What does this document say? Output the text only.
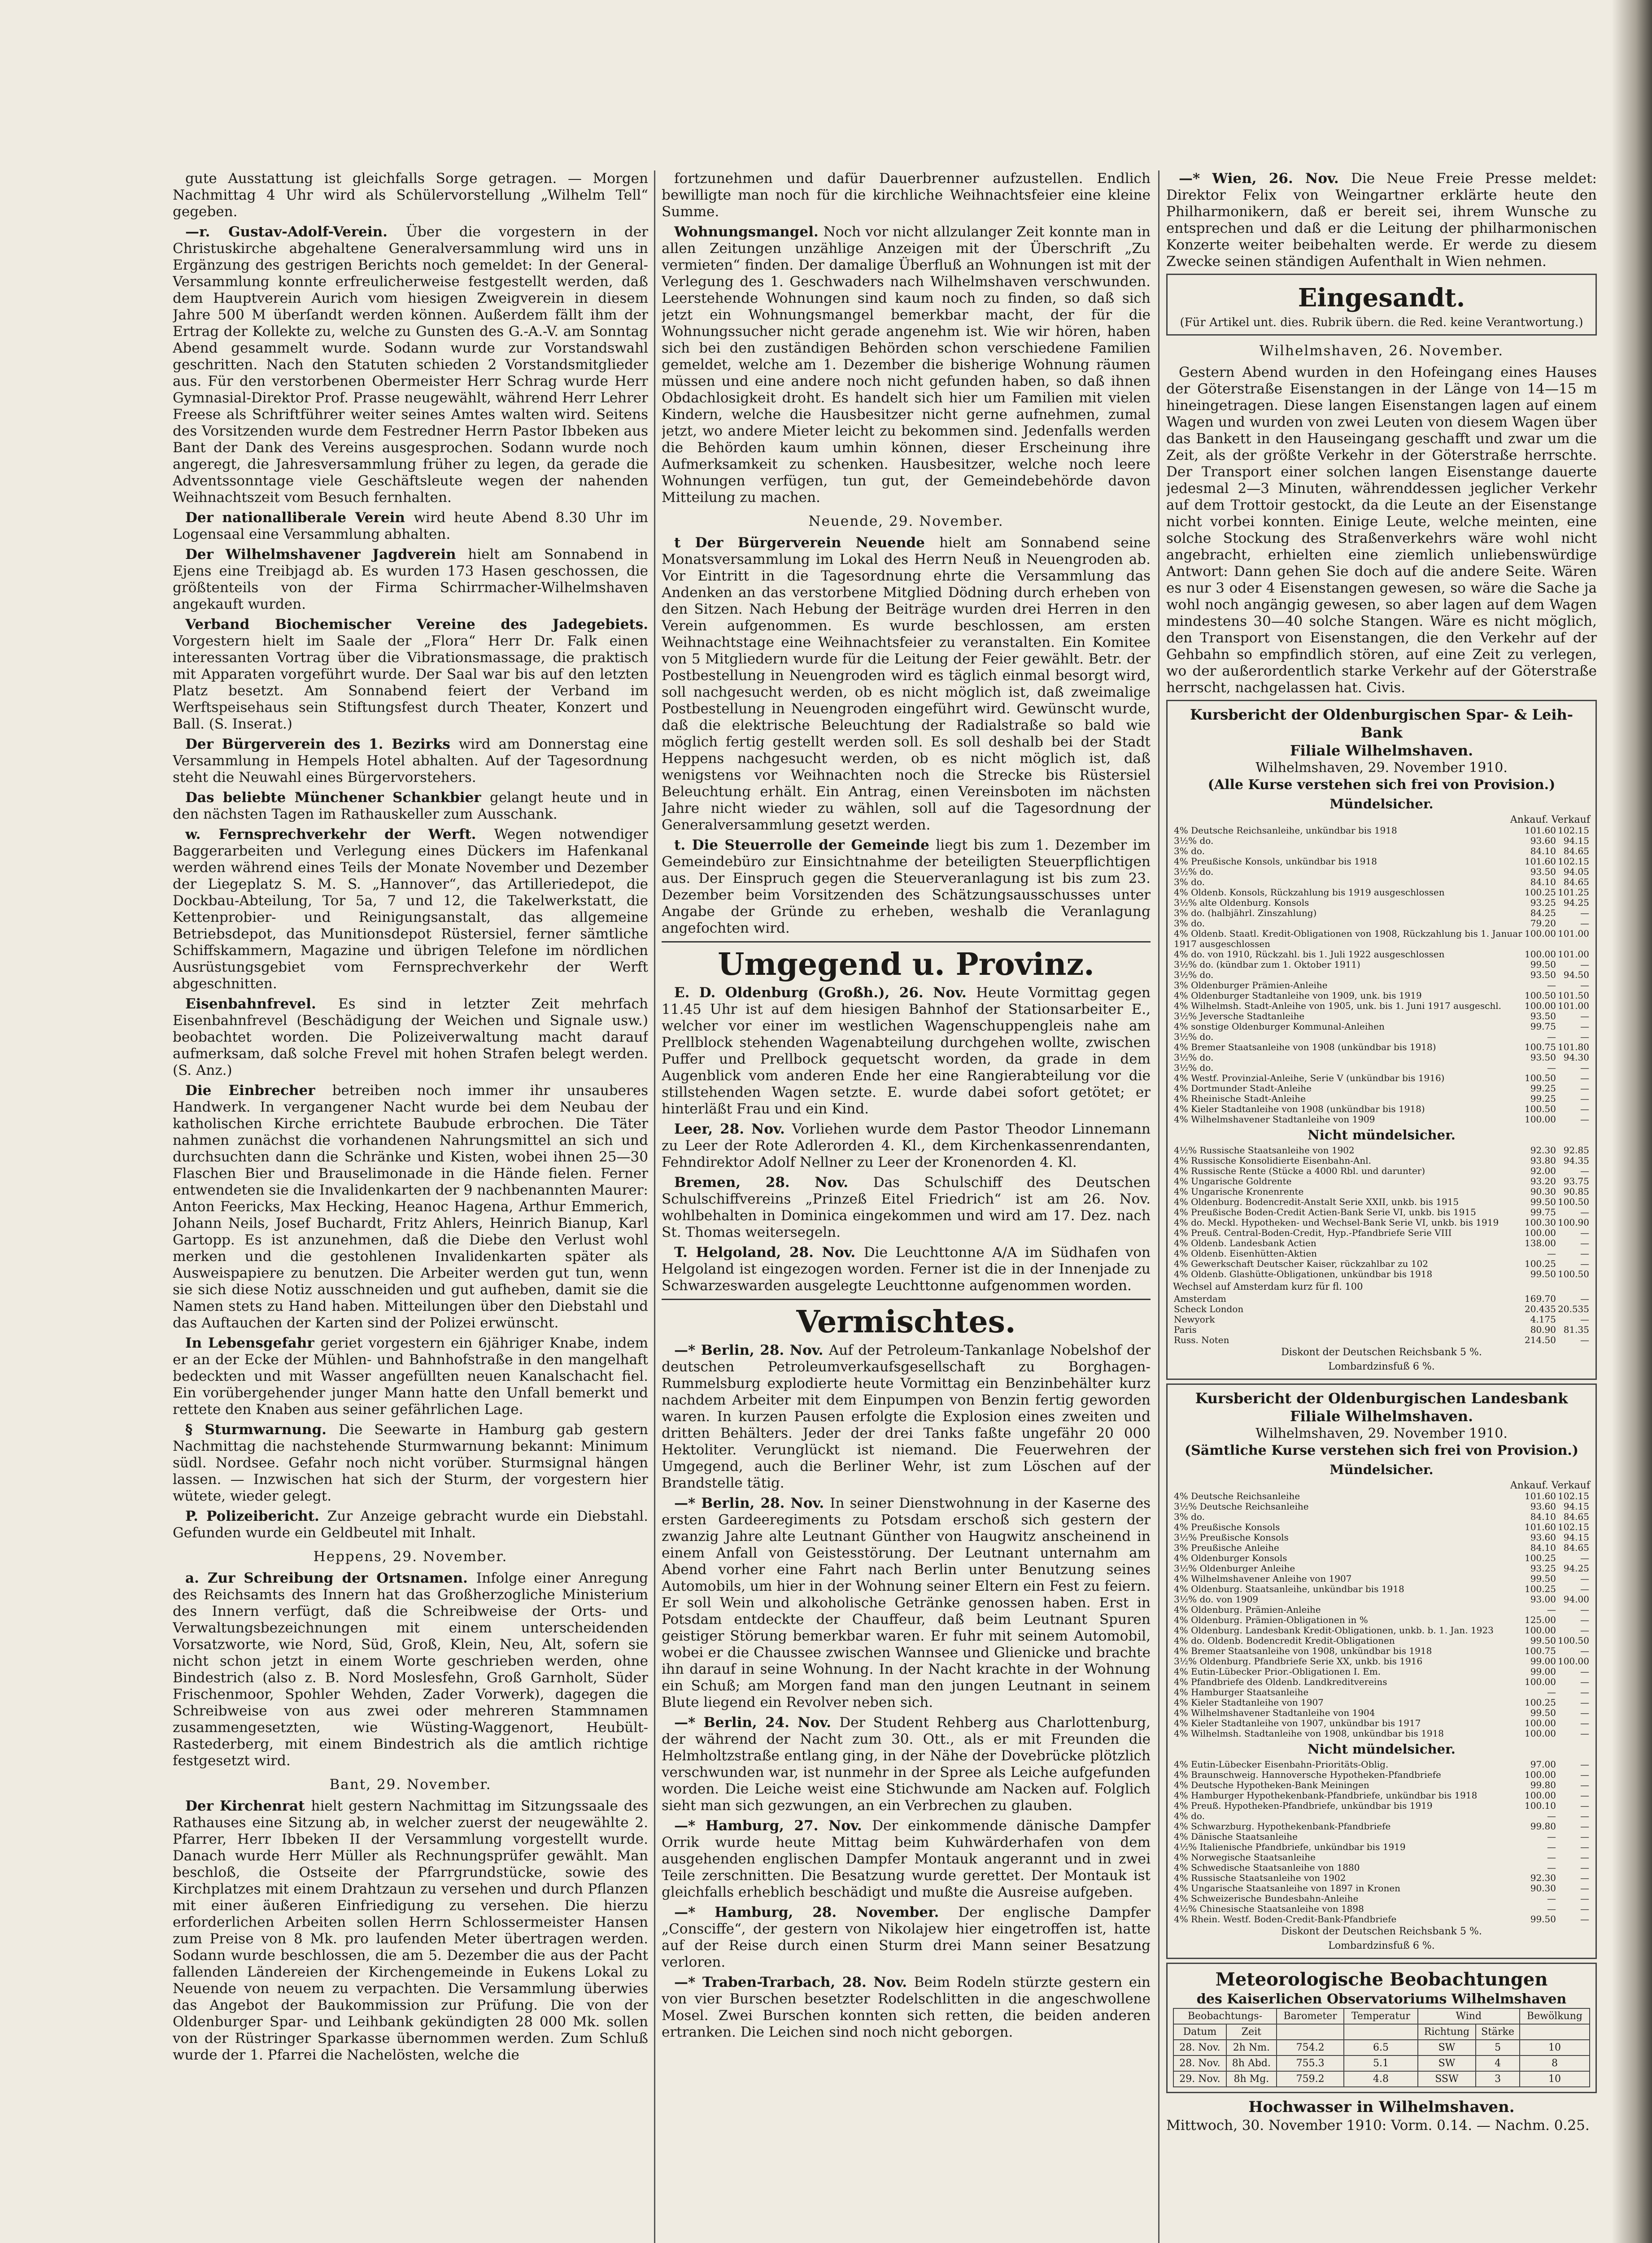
gute Ausstattung ist gleichfalls Sorge getragen. — Morgen Nachmittag 4 Uhr wird als Schülervorstellung „Wilhelm Tell“ gegeben.

—r. Gustav-Adolf-Verein. Über die vorgestern in der Christuskirche abgehaltene Generalversammlung wird uns in Ergänzung des gestrigen Berichts noch gemeldet: In der General-Versammlung konnte erfreulicherweise festgestellt werden, daß dem Hauptverein Aurich vom hiesigen Zweigverein in diesem Jahre 500 M überſandt werden können. Außerdem fällt ihm der Ertrag der Kollekte zu, welche zu Gunsten des G.-A.-V. am Sonntag Abend gesammelt wurde. Sodann wurde zur Vorstandswahl geschritten. Nach den Statuten schieden 2 Vorstandsmitglieder aus. Für den verstorbenen Obermeister Herr Schrag wurde Herr Gymnasial-Direktor Prof. Prasse neugewählt, während Herr Lehrer Freese als Schriftführer weiter seines Amtes walten wird. Seitens des Vorsitzenden wurde dem Festredner Herrn Pastor Ibbeken aus Bant der Dank des Vereins ausgesprochen. Sodann wurde noch angeregt, die Jahresversammlung früher zu legen, da gerade die Adventssonntage viele Geschäftsleute wegen der nahenden Weihnachtszeit vom Besuch fernhalten.

Der nationalliberale Verein wird heute Abend 8.30 Uhr im Logensaal eine Versammlung abhalten.

Der Wilhelmshavener Jagdverein hielt am Sonnabend in Ejens eine Treibjagd ab. Es wurden 173 Hasen geschossen, die größtenteils von der Firma Schirrmacher-Wilhelmshaven angekauft wurden.

Verband Biochemischer Vereine des Jadegebiets. Vorgestern hielt im Saale der „Flora“ Herr Dr. Falk einen interessanten Vortrag über die Vibrationsmassage, die praktisch mit Apparaten vorgeführt wurde. Der Saal war bis auf den letzten Platz besetzt. Am Sonnabend feiert der Verband im Werftspeisehaus sein Stiftungsfest durch Theater, Konzert und Ball. (S. Inserat.)

Der Bürgerverein des 1. Bezirks wird am Donnerstag eine Versammlung in Hempels Hotel abhalten. Auf der Tagesordnung steht die Neuwahl eines Bürgervorstehers.

Das beliebte Münchener Schankbier gelangt heute und in den nächsten Tagen im Rathauskeller zum Ausschank.

w. Fernsprechverkehr der Werft. Wegen notwendiger Baggerarbeiten und Verlegung eines Dückers im Hafenkanal werden während eines Teils der Monate November und Dezember der Liegeplatz S. M. S. „Hannover“, das Artilleriedepot, die Dockbau-Abteilung, Tor 5a, 7 und 12, die Takelwerkstatt, die Kettenprobier- und Reinigungsanstalt, das allgemeine Betriebsdepot, das Munitionsdepot Rüstersiel, ferner sämtliche Schiffskammern, Magazine und übrigen Telefone im nördlichen Ausrüstungsgebiet vom Fernsprechverkehr der Werft abgeschnitten.

Eisenbahnfrevel. Es sind in letzter Zeit mehrfach Eisenbahnfrevel (Beschädigung der Weichen und Signale usw.) beobachtet worden. Die Polizeiverwaltung macht darauf aufmerksam, daß solche Frevel mit hohen Strafen belegt werden. (S. Anz.)

Die Einbrecher betreiben noch immer ihr unsauberes Handwerk. In vergangener Nacht wurde bei dem Neubau der katholischen Kirche errichtete Baubude erbrochen. Die Täter nahmen zunächst die vorhandenen Nahrungsmittel an sich und durchsuchten dann die Schränke und Kisten, wobei ihnen 25—30 Flaschen Bier und Brauselimonade in die Hände fielen. Ferner entwendeten sie die Invalidenkarten der 9 nachbenannten Maurer: Anton Feericks, Max Hecking, Heanoc Hagena, Arthur Emmerich, Johann Neils, Josef Buchardt, Fritz Ahlers, Heinrich Bianup, Karl Gartopp. Es ist anzunehmen, daß die Diebe den Verlust wohl merken und die gestohlenen Invalidenkarten später als Ausweispapiere zu benutzen. Die Arbeiter werden gut tun, wenn sie sich diese Notiz ausschneiden und gut aufheben, damit sie die Namen stets zu Hand haben. Mitteilungen über den Diebstahl und das Auftauchen der Karten sind der Polizei erwünscht.

In Lebensgefahr geriet vorgestern ein 6jähriger Knabe, indem er an der Ecke der Mühlen- und Bahnhofstraße in den mangelhaft bedeckten und mit Wasser angefüllten neuen Kanalschacht fiel. Ein vorübergehender junger Mann hatte den Unfall bemerkt und rettete den Knaben aus seiner gefährlichen Lage.

§ Sturmwarnung. Die Seewarte in Hamburg gab gestern Nachmittag die nachstehende Sturmwarnung bekannt: Minimum südl. Nordsee. Gefahr noch nicht vorüber. Sturmsignal hängen lassen. — Inzwischen hat sich der Sturm, der vorgestern hier wütete, wieder gelegt.

P. Polizeibericht. Zur Anzeige gebracht wurde ein Diebstahl. Gefunden wurde ein Geldbeutel mit Inhalt.

Heppens, 29. November.

a. Zur Schreibung der Ortsnamen. Infolge einer Anregung des Reichsamts des Innern hat das Großherzogliche Ministerium des Innern verfügt, daß die Schreibweise der Orts- und Verwaltungsbezeichnungen mit einem unterscheidenden Vorsatzworte, wie Nord, Süd, Groß, Klein, Neu, Alt, sofern sie nicht schon jetzt in einem Worte geschrieben werden, ohne Bindestrich (also z. B. Nord Moslesfehn, Groß Garnholt, Süder Frischenmoor, Spohler Wehden, Zader Vorwerk), dagegen die Schreibweise von aus zwei oder mehreren Stammnamen zusammengesetzten, wie Wüsting-Waggenort, Heubült-Rastederberg, mit einem Bindestrich als die amtlich richtige festgesetzt wird.

Bant, 29. November.

Der Kirchenrat hielt gestern Nachmittag im Sitzungssaale des Rathauses eine Sitzung ab, in welcher zuerst der neugewählte 2. Pfarrer, Herr Ibbeken II der Versammlung vorgestellt wurde. Danach wurde Herr Müller als Rechnungsprüfer gewählt. Man beschloß, die Ostseite der Pfarrgrundstücke, sowie des Kirchplatzes mit einem Drahtzaun zu versehen und durch Pflanzen mit einer äußeren Einfriedigung zu versehen. Die hierzu erforderlichen Arbeiten sollen Herrn Schlossermeister Hansen zum Preise von 8 Mk. pro laufenden Meter übertragen werden. Sodann wurde beschlossen, die am 5. Dezember die aus der Pacht fallenden Ländereien der Kirchengemeinde in Eukens Lokal zu Neuende von neuem zu verpachten. Die Versammlung überwies das Angebot der Baukommission zur Prüfung. Die von der Oldenburger Spar- und Leihbank gekündigten 28 000 Mk. sollen von der Rüstringer Sparkasse übernommen werden. Zum Schluß wurde der 1. Pfarrei die Nachelösten, welche die

fortzunehmen und dafür Dauerbrenner aufzustellen. Endlich bewilligte man noch für die kirchliche Weihnachtsfeier eine kleine Summe.

Wohnungsmangel. Noch vor nicht allzulanger Zeit konnte man in allen Zeitungen unzählige Anzeigen mit der Überschrift „Zu vermieten“ finden. Der damalige Überfluß an Wohnungen ist mit der Verlegung des 1. Geschwaders nach Wilhelmshaven verschwunden. Leerstehende Wohnungen sind kaum noch zu finden, so daß sich jetzt ein Wohnungsmangel bemerkbar macht, der für die Wohnungssucher nicht gerade angenehm ist. Wie wir hören, haben sich bei den zuständigen Behörden schon verschiedene Familien gemeldet, welche am 1. Dezember die bisherige Wohnung räumen müssen und eine andere noch nicht gefunden haben, so daß ihnen Obdachlosigkeit droht. Es handelt sich hier um Familien mit vielen Kindern, welche die Hausbesitzer nicht gerne aufnehmen, zumal jetzt, wo andere Mieter leicht zu bekommen sind. Jedenfalls werden die Behörden kaum umhin können, dieser Erscheinung ihre Aufmerksamkeit zu schenken. Hausbesitzer, welche noch leere Wohnungen verfügen, tun gut, der Gemeindebehörde davon Mitteilung zu machen.

Neuende, 29. November.

t Der Bürgerverein Neuende hielt am Sonnabend seine Monatsversammlung im Lokal des Herrn Neuß in Neuengroden ab. Vor Eintritt in die Tagesordnung ehrte die Versammlung das Andenken an das verstorbene Mitglied Dödning durch erheben von den Sitzen. Nach Hebung der Beiträge wurden drei Herren in den Verein aufgenommen. Es wurde beschlossen, am ersten Weihnachtstage eine Weihnachtsfeier zu veranstalten. Ein Komitee von 5 Mitgliedern wurde für die Leitung der Feier gewählt. Betr. der Postbestellung in Neuengroden wird es täglich einmal besorgt wird, soll nachgesucht werden, ob es nicht möglich ist, daß zweimalige Postbestellung in Neuengroden eingeführt wird. Gewünscht wurde, daß die elektrische Beleuchtung der Radialstraße so bald wie möglich fertig gestellt werden soll. Es soll deshalb bei der Stadt Heppens nachgesucht werden, ob es nicht möglich ist, daß wenigstens vor Weihnachten noch die Strecke bis Rüstersiel Beleuchtung erhält. Ein Antrag, einen Vereinsboten im nächsten Jahre nicht wieder zu wählen, soll auf die Tagesordnung der Generalversammlung gesetzt werden.

t. Die Steuerrolle der Gemeinde liegt bis zum 1. Dezember im Gemeindebüro zur Einsichtnahme der beteiligten Steuerpflichtigen aus. Der Einspruch gegen die Steuerveranlagung ist bis zum 23. Dezember beim Vorsitzenden des Schätzungsausschusses unter Angabe der Gründe zu erheben, weshalb die Veranlagung angefochten wird.

Umgegend u. Provinz.

E. D. Oldenburg (Großh.), 26. Nov. Heute Vormittag gegen 11.45 Uhr ist auf dem hiesigen Bahnhof der Stationsarbeiter E., welcher vor einer im westlichen Wagenschuppengleis nahe am Prellblock stehenden Wagenabteilung durchgehen wollte, zwischen Puffer und Prellbock gequetscht worden, da grade in dem Augenblick vom anderen Ende her eine Rangierabteilung vor die stillstehenden Wagen setzte. E. wurde dabei sofort getötet; er hinterläßt Frau und ein Kind.

Leer, 28. Nov. Vorliehen wurde dem Pastor Theodor Linnemann zu Leer der Rote Adlerorden 4. Kl., dem Kirchenkassenrendanten, Fehndirektor Adolf Nellner zu Leer der Kronenorden 4. Kl.

Bremen, 28. Nov. Das Schulschiff des Deutschen Schulschiffvereins „Prinzeß Eitel Friedrich“ ist am 26. Nov. wohlbehalten in Dominica eingekommen und wird am 17. Dez. nach St. Thomas weitersegeln.

T. Helgoland, 28. Nov. Die Leuchttonne A/A im Südhafen von Helgoland ist eingezogen worden. Ferner ist die in der Innenjade zu Schwarzeswarden ausgelegte Leuchttonne aufgenommen worden.

Vermischtes.

—* Berlin, 28. Nov. Auf der Petroleum-Tankanlage Nobelshof der deutschen Petroleumverkaufsgesellschaft zu Borghagen-Rummelsburg explodierte heute Vormittag ein Benzinbehälter kurz nachdem Arbeiter mit dem Einpumpen von Benzin fertig geworden waren. In kurzen Pausen erfolgte die Explosion eines zweiten und dritten Behälters. Jeder der drei Tanks faßte ungefähr 20 000 Hektoliter. Verunglückt ist niemand. Die Feuerwehren der Umgegend, auch die Berliner Wehr, ist zum Löschen auf der Brandstelle tätig.

—* Berlin, 28. Nov. In seiner Dienstwohnung in der Kaserne des ersten Gardeeregiments zu Potsdam erschoß sich gestern der zwanzig Jahre alte Leutnant Günther von Haugwitz anscheinend in einem Anfall von Geistesstörung. Der Leutnant unternahm am Abend vorher eine Fahrt nach Berlin unter Benutzung seines Automobils, um hier in der Wohnung seiner Eltern ein Fest zu feiern. Er soll Wein und alkoholische Getränke genossen haben. Erst in Potsdam entdeckte der Chauffeur, daß beim Leutnant Spuren geistiger Störung bemerkbar waren. Er fuhr mit seinem Automobil, wobei er die Chaussee zwischen Wannsee und Glienicke und brachte ihn darauf in seine Wohnung. In der Nacht krachte in der Wohnung ein Schuß; am Morgen fand man den jungen Leutnant in seinem Blute liegend ein Revolver neben sich.

—* Berlin, 24. Nov. Der Student Rehberg aus Charlottenburg, der während der Nacht zum 30. Ott., als er mit Freunden die Helmholtzstraße entlang ging, in der Nähe der Dovebrücke plötzlich verschwunden war, ist nunmehr in der Spree als Leiche aufgefunden worden. Die Leiche weist eine Stichwunde am Nacken auf. Folglich sieht man sich gezwungen, an ein Verbrechen zu glauben.

—* Hamburg, 27. Nov. Der einkommende dänische Dampfer Orrik wurde heute Mittag beim Kuhwärderhafen von dem ausgehenden englischen Dampfer Montauk angerannt und in zwei Teile zerschnitten. Die Besatzung wurde gerettet. Der Montauk ist gleichfalls erheblich beschädigt und mußte die Ausreise aufgeben.

—* Hamburg, 28. November. Der englische Dampfer „Consciffe“, der gestern von Nikolajew hier eingetroffen ist, hatte auf der Reise durch einen Sturm drei Mann seiner Besatzung verloren.

—* Traben-Trarbach, 28. Nov. Beim Rodeln stürzte gestern ein von vier Burschen besetzter Rodelschlitten in die angeschwollene Mosel. Zwei Burschen konnten sich retten, die beiden anderen ertranken. Die Leichen sind noch nicht geborgen.

—* Wien, 26. Nov. Die Neue Freie Presse meldet: Direktor Felix von Weingartner erklärte heute den Philharmonikern, daß er bereit sei, ihrem Wunsche zu entsprechen und daß er die Leitung der philharmonischen Konzerte weiter beibehalten werde. Er werde zu diesem Zwecke seinen ständigen Aufenthalt in Wien nehmen.

Eingesandt.
(Für Artikel unt. dies. Rubrik übern. die Red. keine Verantwortung.)
Wilhelmshaven, 26. November.

Gestern Abend wurden in den Hofeingang eines Hauses der Göterstraße Eisenstangen in der Länge von 14—15 m hineingetragen. Diese langen Eisenstangen lagen auf einem Wagen und wurden von zwei Leuten von diesem Wagen über das Bankett in den Hauseingang geschafft und zwar um die Zeit, als der größte Verkehr in der Göterstraße herrschte. Der Transport einer solchen langen Eisenstange dauerte jedesmal 2—3 Minuten, währenddessen jeglicher Verkehr auf dem Trottoir gestockt, da die Leute an der Eisenstange nicht vorbei konnten. Einige Leute, welche meinten, eine solche Stockung des Straßenverkehrs wäre wohl nicht angebracht, erhielten eine ziemlich unliebenswürdige Antwort: Dann gehen Sie doch auf die andere Seite. Wären es nur 3 oder 4 Eisenstangen gewesen, so wäre die Sache ja wohl noch angängig gewesen, so aber lagen auf dem Wagen mindestens 30—40 solche Stangen. Wäre es nicht möglich, den Transport von Eisenstangen, die den Verkehr auf der Gehbahn so empfindlich stören, auf eine Zeit zu verlegen, wo der außerordentlich starke Verkehr auf der Göterstraße herrscht, nachgelassen hat. Civis.

Kursbericht der Oldenburgischen Spar- & Leih-Bank
Filiale Wilhelmshaven.
Wilhelmshaven, 29. November 1910.
(Alle Kurse verstehen sich frei von Provision.)
Mündelsicher.
Ankauf. Verkauf
4% Deutsche Reichsanleihe, unkündbar bis 1918	101.60	102.15
3½% do.	93.60	94.15
3% do.	84.10	84.65
4% Preußische Konsols, unkündbar bis 1918	101.60	102.15
3½% do.	93.50	94.05
3% do.	84.10	84.65
4% Oldenb. Konsols, Rückzahlung bis 1919 ausgeschlossen	100.25	101.25
3½% alte Oldenburg. Konsols	93.25	94.25
3% do. (halbjährl. Zinszahlung)	84.25	—
3% do.	79.20	—
4% Oldenb. Staatl. Kredit-Obligationen von 1908, Rückzahlung bis 1. Januar 1917 ausgeschlossen	100.00	101.00
4% do. von 1910, Rückzahl. bis 1. Juli 1922 ausgeschlossen	100.00	101.00
3½% do. (kündbar zum 1. Oktober 1911)	99.50	—
3½% do.	93.50	94.50
3% Oldenburger Prämien-Anleihe	—	—
4% Oldenburger Stadtanleihe von 1909, unk. bis 1919	100.50	101.50
4% Wilhelmsh. Stadt-Anleihe von 1905, unk. bis 1. Juni 1917 ausgeschl.	100.00	101.00
3½% Jeversche Stadtanleihe	93.50	—
4% sonstige Oldenburger Kommunal-Anleihen	99.75	—
3½% do.	—	—
4% Bremer Staatsanleihe von 1908 (unkündbar bis 1918)	100.75	101.80
3½% do.	93.50	94.30
3½% do.	—	—
4% Westf. Provinzial-Anleihe, Serie V (unkündbar bis 1916)	100.50	—
4% Dortmunder Stadt-Anleihe	99.25	—
4% Rheinische Stadt-Anleihe	99.25	—
4% Kieler Stadtanleihe von 1908 (unkündbar bis 1918)	100.50	—
4% Wilhelmshavener Stadtanleihe von 1909	100.00	—
Nicht mündelsicher.
4½% Russische Staatsanleihe von 1902	92.30	92.85
4% Russische Konsolidierte Eisenbahn-Anl.	93.80	94.35
4% Russische Rente (Stücke a 4000 Rbl. und darunter)	92.00	—
4% Ungarische Goldrente	93.20	93.75
4% Ungarische Kronenrente	90.30	90.85
4% Oldenburg. Bodencredit-Anstalt Serie XXII, unkb. bis 1915	99.50	100.50
4% Preußische Boden-Credit Actien-Bank Serie VI, unkb. bis 1915	99.75	—
4% do. Meckl. Hypotheken- und Wechsel-Bank Serie VI, unkb. bis 1919	100.30	100.90
4% Preuß. Central-Boden-Credit, Hyp.-Pfandbriefe Serie VIII	100.00	—
4% Oldenb. Landesbank Actien	138.00	—
4% Oldenb. Eisenhütten-Aktien	—	—
4% Gewerkschaft Deutscher Kaiser, rückzahlbar zu 102	100.25	—
4% Oldenb. Glashütte-Obligationen, unkündbar bis 1918	99.50	100.50
Wechsel auf Amsterdam kurz für fl. 100
Amsterdam	169.70	—
Scheck London	20.435	20.535
Newyork	4.175	—
Paris	80.90	81.35
Russ. Noten	214.50	—
Diskont der Deutschen Reichsbank 5 %.
Lombardzinsfuß 6 %.
Kursbericht der Oldenburgischen Landesbank
Filiale Wilhelmshaven.
Wilhelmshaven, 29. November 1910.
(Sämtliche Kurse verstehen sich frei von Provision.)
Mündelsicher.
Ankauf. Verkauf
4% Deutsche Reichsanleihe	101.60	102.15
3½% Deutsche Reichsanleihe	93.60	94.15
3% do.	84.10	84.65
4% Preußische Konsols	101.60	102.15
3½% Preußische Konsols	93.60	94.15
3% Preußische Anleihe	84.10	84.65
4% Oldenburger Konsols	100.25	—
3½% Oldenburger Anleihe	93.25	94.25
4% Wilhelmshavener Anleihe von 1907	99.50	—
4% Oldenburg. Staatsanleihe, unkündbar bis 1918	100.25	—
3½% do. von 1909	93.00	94.00
4% Oldenburg. Prämien-Anleihe	—	—
4% Oldenburg. Prämien-Obligationen in %	125.00	—
4% Oldenburg. Landesbank Kredit-Obligationen, unkb. b. 1. Jan. 1923	100.00	—
4% do. Oldenb. Bodencredit Kredit-Obligationen	99.50	100.50
4% Bremer Staatsanleihe von 1908, unkündbar bis 1918	100.75	—
3½% Oldenburg. Pfandbriefe Serie XX, unkb. bis 1916	99.00	100.00
4% Eutin-Lübecker Prior.-Obligationen I. Em.	99.00	—
4% Pfandbriefe des Oldenb. Landkreditvereins	100.00	—
4% Hamburger Staatsanleihe	—	—
4% Kieler Stadtanleihe von 1907	100.25	—
4% Wilhelmshavener Stadtanleihe von 1904	99.50	—
4% Kieler Stadtanleihe von 1907, unkündbar bis 1917	100.00	—
4% Wilhelmsh. Stadtanleihe von 1908, unkündbar bis 1918	100.00	—
Nicht mündelsicher.
4% Eutin-Lübecker Eisenbahn-Prioritäts-Oblig.	97.00	—
4% Braunschweig. Hannoversche Hypotheken-Pfandbriefe	100.00	—
4% Deutsche Hypotheken-Bank Meiningen	99.80	—
4% Hamburger Hypothekenbank-Pfandbriefe, unkündbar bis 1918	100.00	—
4% Preuß. Hypotheken-Pfandbriefe, unkündbar bis 1919	100.10	—
4% do.	—	—
4% Schwarzburg. Hypothekenbank-Pfandbriefe	99.80	—
4% Dänische Staatsanleihe	—	—
4½% Italienische Pfandbriefe, unkündbar bis 1919	—	—
4% Norwegische Staatsanleihe	—	—
4% Schwedische Staatsanleihe von 1880	—	—
4% Russische Staatsanleihe von 1902	92.30	—
4% Ungarische Staatsanleihe von 1897 in Kronen	90.30	—
4% Schweizerische Bundesbahn-Anleihe	—	—
4½% Chinesische Staatsanleihe von 1898	—	—
4% Rhein. Westf. Boden-Credit-Bank-Pfandbriefe	99.50	—
Diskont der Deutschen Reichsbank 5 %.
Lombardzinsfuß 6 %.
Meteorologische Beobachtungen
des Kaiserlichen Observatoriums Wilhelmshaven
Beobachtungs-		Barometer	Temperatur	Wind		Bewölkung
Datum	Zeit			Richtung	Stärke	
28. Nov.	2h Nm.	754.2	6.5	SW	5	10
28. Nov.	8h Abd.	755.3	5.1	SW	4	8
29. Nov.	8h Mg.	759.2	4.8	SSW	3	10
Hochwasser in Wilhelmshaven.
Mittwoch, 30. November 1910: Vorm. 0.14. — Nachm. 0.25.
